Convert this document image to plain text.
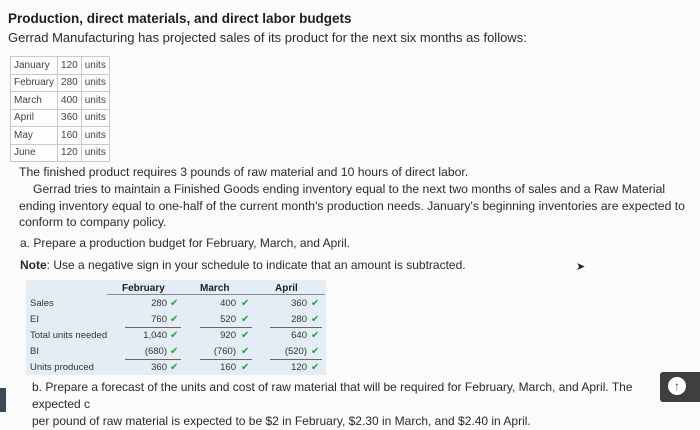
Production, direct materials, and direct labor budgets
Gerrad Manufacturing has projected sales of its product for the next six months as follows:
January	120	units
February	280	units
March	400	units
April	360	units
May	160	units
June	120	units
The finished product requires 3 pounds of raw material and 10 hours of direct labor.
Gerrad tries to maintain a Finished Goods ending inventory equal to the next two months of sales and a Raw Material ending inventory equal to one-half of the current month's production needs. January's beginning inventories are expected to conform to company policy.
a. Prepare a production budget for February, March, and April.
Note: Use a negative sign in your schedule to indicate that an amount is subtracted.	➤
February	March	April
Sales	280 ✔	400 ✔	360 ✔
EI	760 ✔	520 ✔	280 ✔
Total units needed	1,040 ✔	920 ✔	640 ✔
BI	(680) ✔	(760) ✔	(520) ✔
Units produced	360 ✔	160 ✔	120 ✔
b. Prepare a forecast of the units and cost of raw material that will be required for February, March, and April. The expected c
per pound of raw material is expected to be $2 in February, $2.30 in March, and $2.40 in April.
↑
